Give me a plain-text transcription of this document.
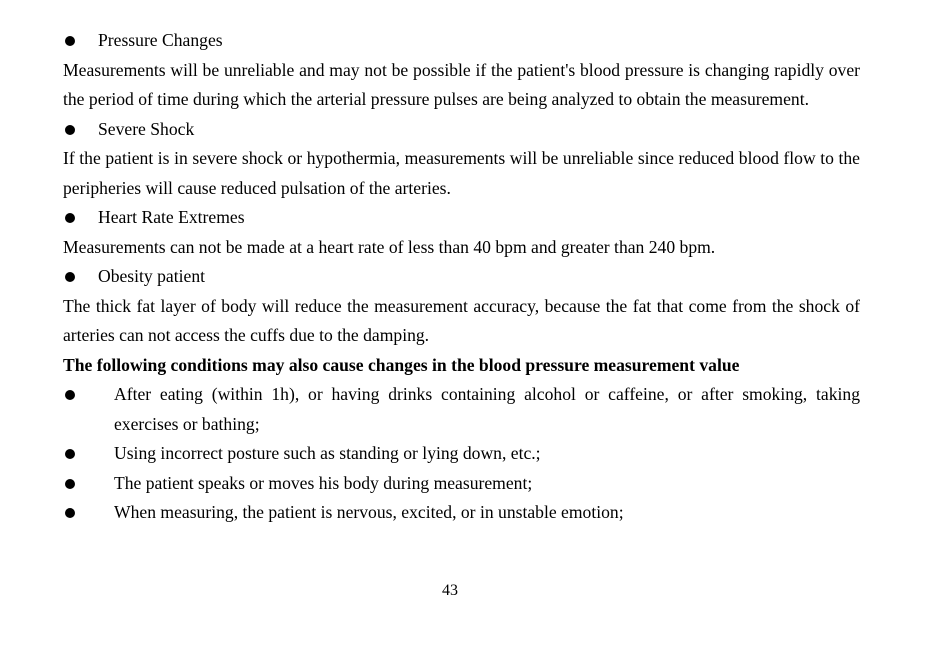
Pressure Changes
Measurements will be unreliable and may not be possible if the patient's blood pressure is changing rapidly over the period of time during which the arterial pressure pulses are being analyzed to obtain the measurement.
Severe Shock
If the patient is in severe shock or hypothermia, measurements will be unreliable since reduced blood flow to the peripheries will cause reduced pulsation of the arteries.
Heart Rate Extremes
Measurements can not be made at a heart rate of less than 40 bpm and greater than 240 bpm.
Obesity patient
The thick fat layer of body will reduce the measurement accuracy, because the fat that come from the shock of arteries can not access the cuffs due to the damping.
The following conditions may also cause changes in the blood pressure measurement value
After eating (within 1h), or having drinks containing alcohol or caffeine, or after smoking, taking exercises or bathing;
Using incorrect posture such as standing or lying down, etc.;
The patient speaks or moves his body during measurement;
When measuring, the patient is nervous, excited, or in unstable emotion;
43
